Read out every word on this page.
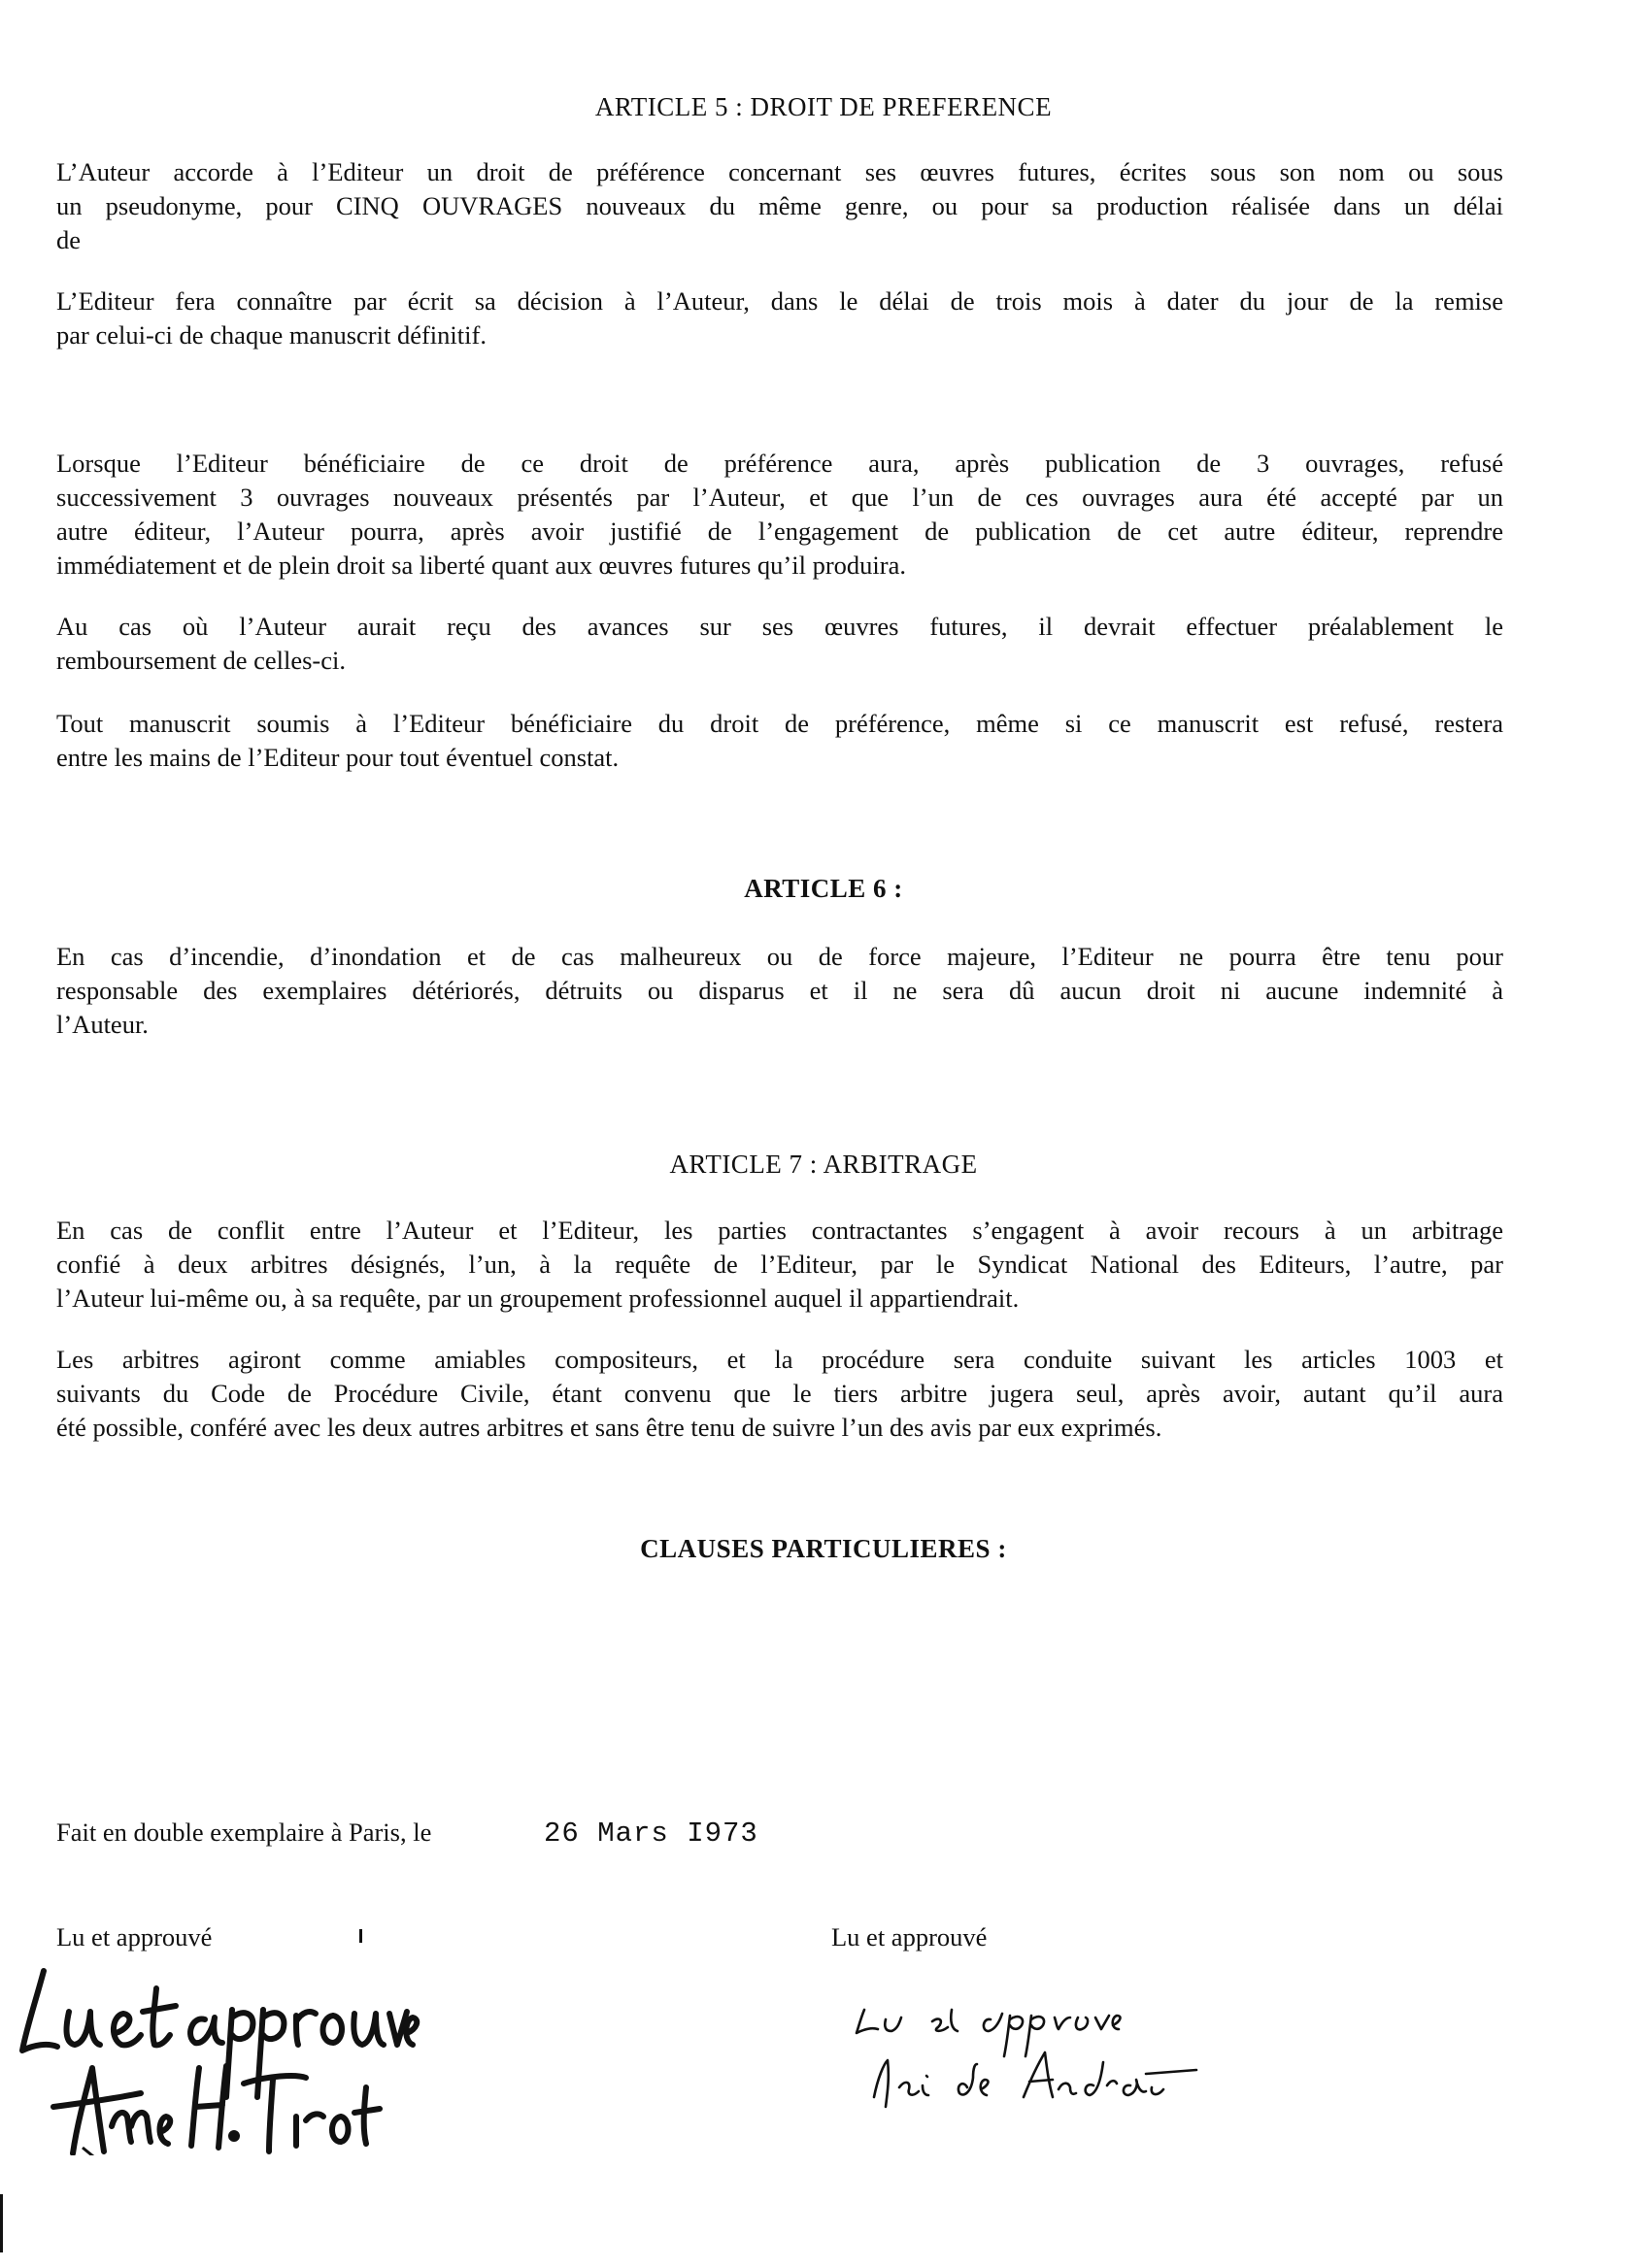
ARTICLE 5 : DROIT DE PREFERENCE
L’Auteur accorde à l’Editeur un droit de préférence concernant ses œuvres futures, écrites sous son nom ou sous
un pseudonyme, pour CINQ OUVRAGES nouveaux du même genre, ou pour sa production réalisée dans un délai
de
L’Editeur fera connaître par écrit sa décision à l’Auteur, dans le délai de trois mois à dater du jour de la remise
par celui-ci de chaque manuscrit définitif.
Lorsque l’Editeur bénéficiaire de ce droit de préférence aura, après publication de 3 ouvrages, refusé
successivement 3 ouvrages nouveaux présentés par l’Auteur, et que l’un de ces ouvrages aura été accepté par un
autre éditeur, l’Auteur pourra, après avoir justifié de l’engagement de publication de cet autre éditeur, reprendre
immédiatement et de plein droit sa liberté quant aux œuvres futures qu’il produira.
Au cas où l’Auteur aurait reçu des avances sur ses œuvres futures, il devrait effectuer préalablement le
remboursement de celles-ci.
Tout manuscrit soumis à l’Editeur bénéficiaire du droit de préférence, même si ce manuscrit est refusé, restera
entre les mains de l’Editeur pour tout éventuel constat.
ARTICLE 6 :
En cas d’incendie, d’inondation et de cas malheureux ou de force majeure, l’Editeur ne pourra être tenu pour
responsable des exemplaires détériorés, détruits ou disparus et il ne sera dû aucun droit ni aucune indemnité à
l’Auteur.
ARTICLE 7 : ARBITRAGE
En cas de conflit entre l’Auteur et l’Editeur, les parties contractantes s’engagent à avoir recours à un arbitrage
confié à deux arbitres désignés, l’un, à la requête de l’Editeur, par le Syndicat National des Editeurs, l’autre, par
l’Auteur lui-même ou, à sa requête, par un groupement professionnel auquel il appartiendrait.
Les arbitres agiront comme amiables compositeurs, et la procédure sera conduite suivant les articles 1003 et
suivants du Code de Procédure Civile, étant convenu que le tiers arbitre jugera seul, après avoir, autant qu’il aura
été possible, conféré avec les deux autres arbitres et sans être tenu de suivre l’un des avis par eux exprimés.
CLAUSES PARTICULIERES :
Fait en double exemplaire à Paris, le	26 Mars I973
Lu et approuvé	Lu et approuvé
